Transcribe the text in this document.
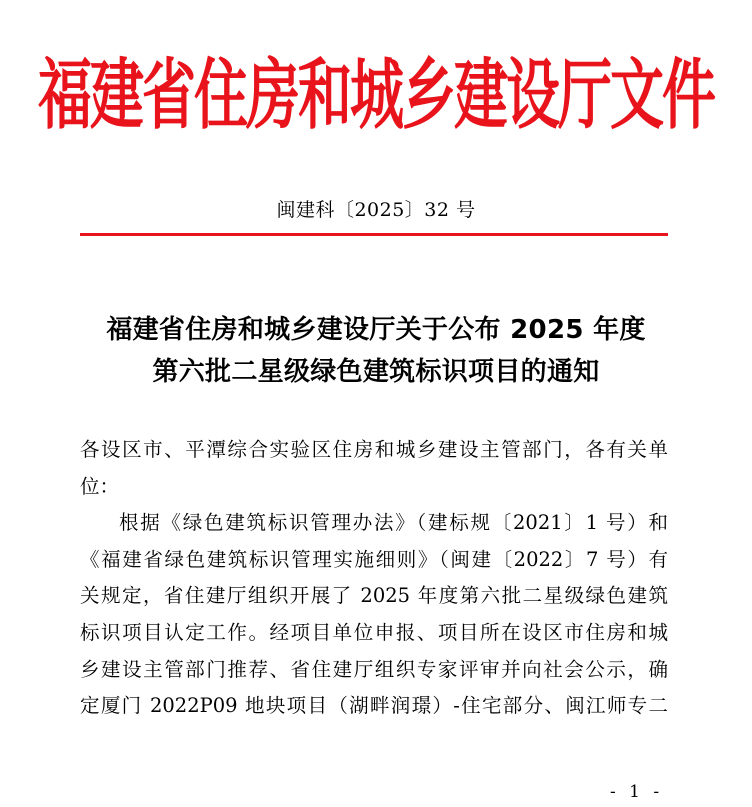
福建省住房和城乡建设厅文件
闽建科〔2025〕32 号
福建省住房和城乡建设厅关于公布 2025 年度
第六批二星级绿色建筑标识项目的通知
各设区市、平潭综合实验区住房和城乡建设主管部门，各有关单
位：
根据《绿色建筑标识管理办法》（建标规〔2021〕1 号）和
《福建省绿色建筑标识管理实施细则》（闽建〔2022〕7 号）有
关规定，省住建厅组织开展了 2025 年度第六批二星级绿色建筑
标识项目认定工作。经项目单位申报、项目所在设区市住房和城
乡建设主管部门推荐、省住建厅组织专家评审并向社会公示，确
定厦门 2022P09 地块项目（湖畔润璟）-住宅部分、闽江师专二
- 1 -
